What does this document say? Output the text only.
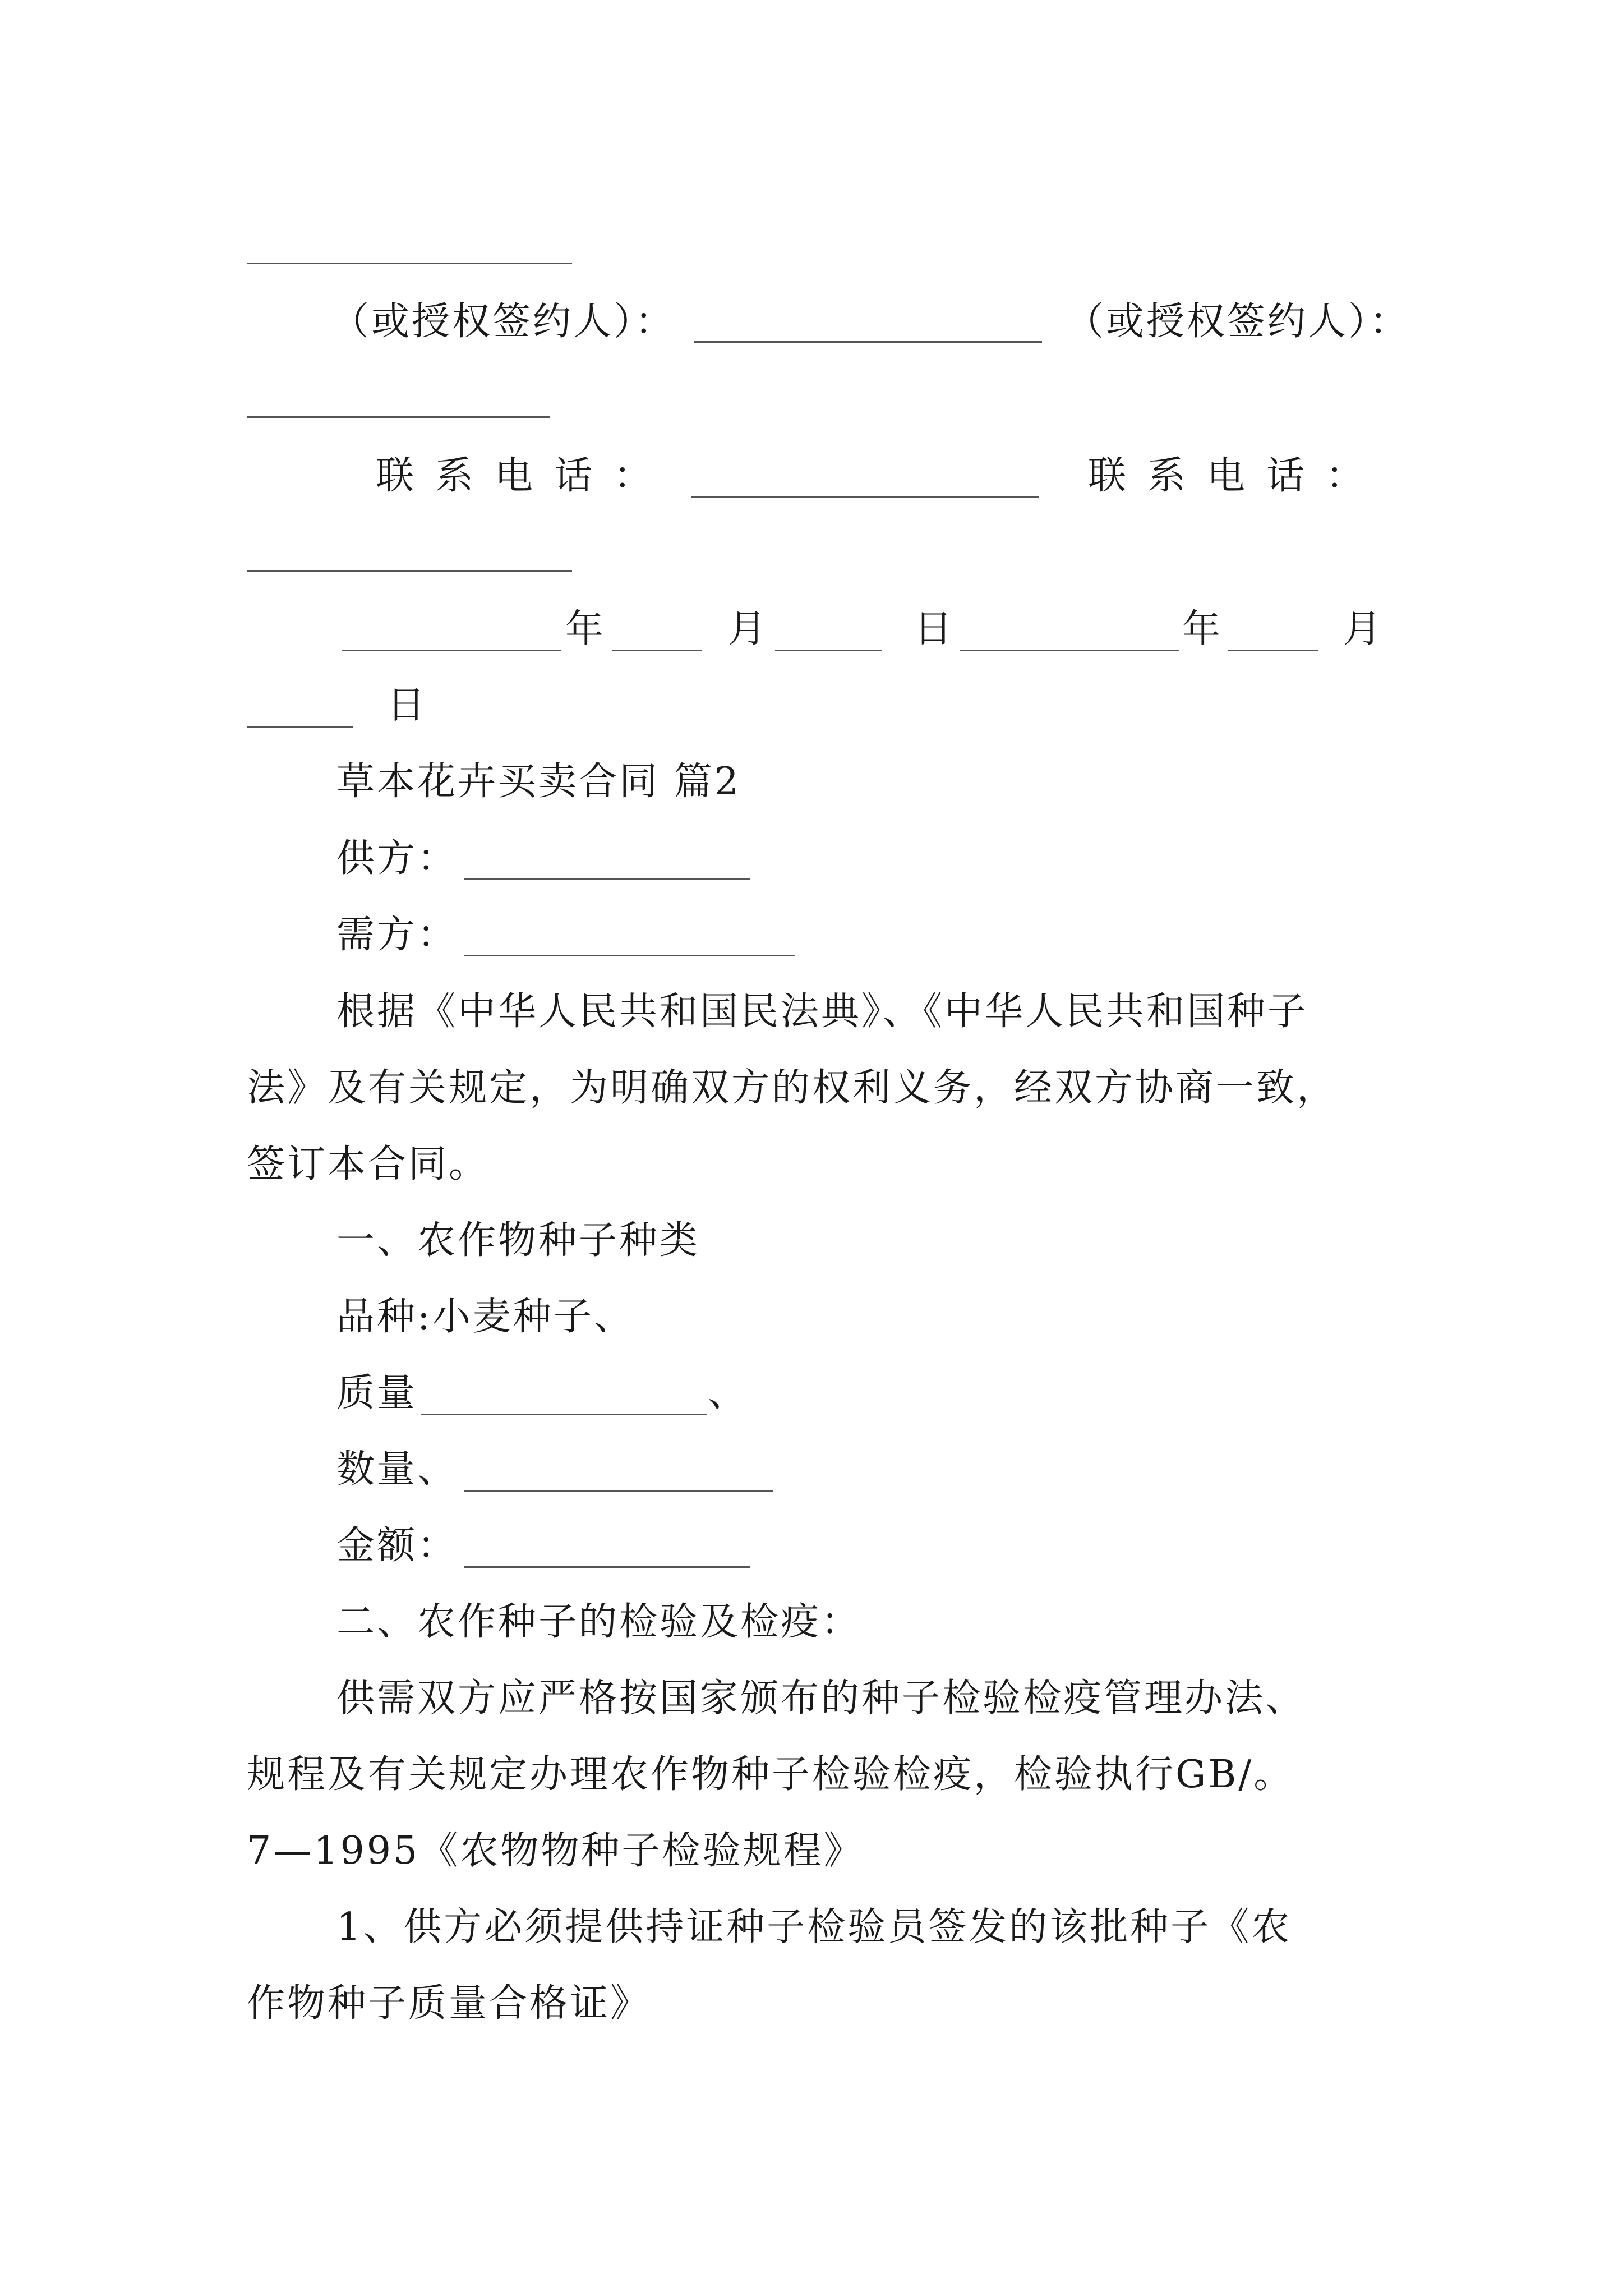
（或授权签约人）：	（或授权签约人）：
联系电话：	联系电话：
年	月	日	年	月
日
草本花卉买卖合同 篇2
供方：
需方：
根据《中华人民共和国民法典》、《中华人民共和国种子
法》及有关规定，为明确双方的权利义务，经双方协商一致，
签订本合同。
一、农作物种子种类
品种:小麦种子、
质量	、
数量、
金额：
二、农作种子的检验及检疫：
供需双方应严格按国家颁布的种子检验检疫管理办法、
规程及有关规定办理农作物种子检验检疫，检验执行GB/。
7—1995《农物物种子检验规程》
1、供方必须提供持证种子检验员签发的该批种子《农
作物种子质量合格证》
